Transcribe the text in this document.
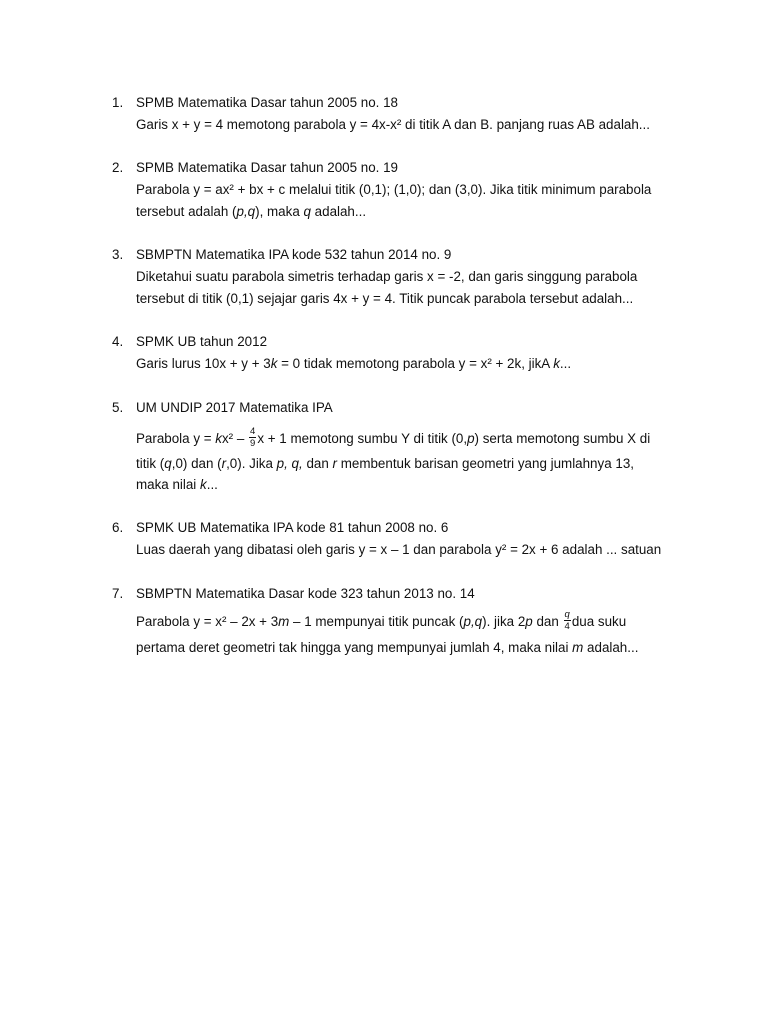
1. SPMB Matematika Dasar tahun 2005 no. 18
Garis x + y = 4 memotong parabola y = 4x-x² di titik A dan B. panjang ruas AB adalah...
2. SPMB Matematika Dasar tahun 2005 no. 19
Parabola y = ax² + bx + c melalui titik (0,1); (1,0); dan (3,0). Jika titik minimum parabola
tersebut adalah (p,q), maka q adalah...
3. SBMPTN Matematika IPA kode 532 tahun 2014 no. 9
Diketahui suatu parabola simetris terhadap garis x = -2, dan garis singgung parabola
tersebut di titik (0,1) sejajar garis 4x + y = 4. Titik puncak parabola tersebut adalah...
4. SPMK UB tahun 2012
Garis lurus 10x + y + 3k = 0 tidak memotong parabola y = x² + 2k, jikA k...
5. UM UNDIP 2017 Matematika IPA
Parabola $y = kx^2 - \frac{4}{9}$ x + 1 memotong sumbu Y di titik (0,p) serta memotong sumbu X di
titik (q,0) dan (r,0). Jika p, q, dan r membentuk barisan geometri yang jumlahnya 13,
maka nilai k...
6. SPMK UB Matematika IPA kode 81 tahun 2008 no. 6
Luas daerah yang dibatasi oleh garis y = x – 1 dan parabola y² = 2x + 6 adalah ... satuan
7. SBMPTN Matematika Dasar kode 323 tahun 2013 no. 14
Parabola y = x² – 2x + 3m – 1 mempunyai titik puncak (p,q). jika 2p dan $\frac{q}{4}$ dua suku
pertama deret geometri tak hingga yang mempunyai jumlah 4, maka nilai m adalah...
